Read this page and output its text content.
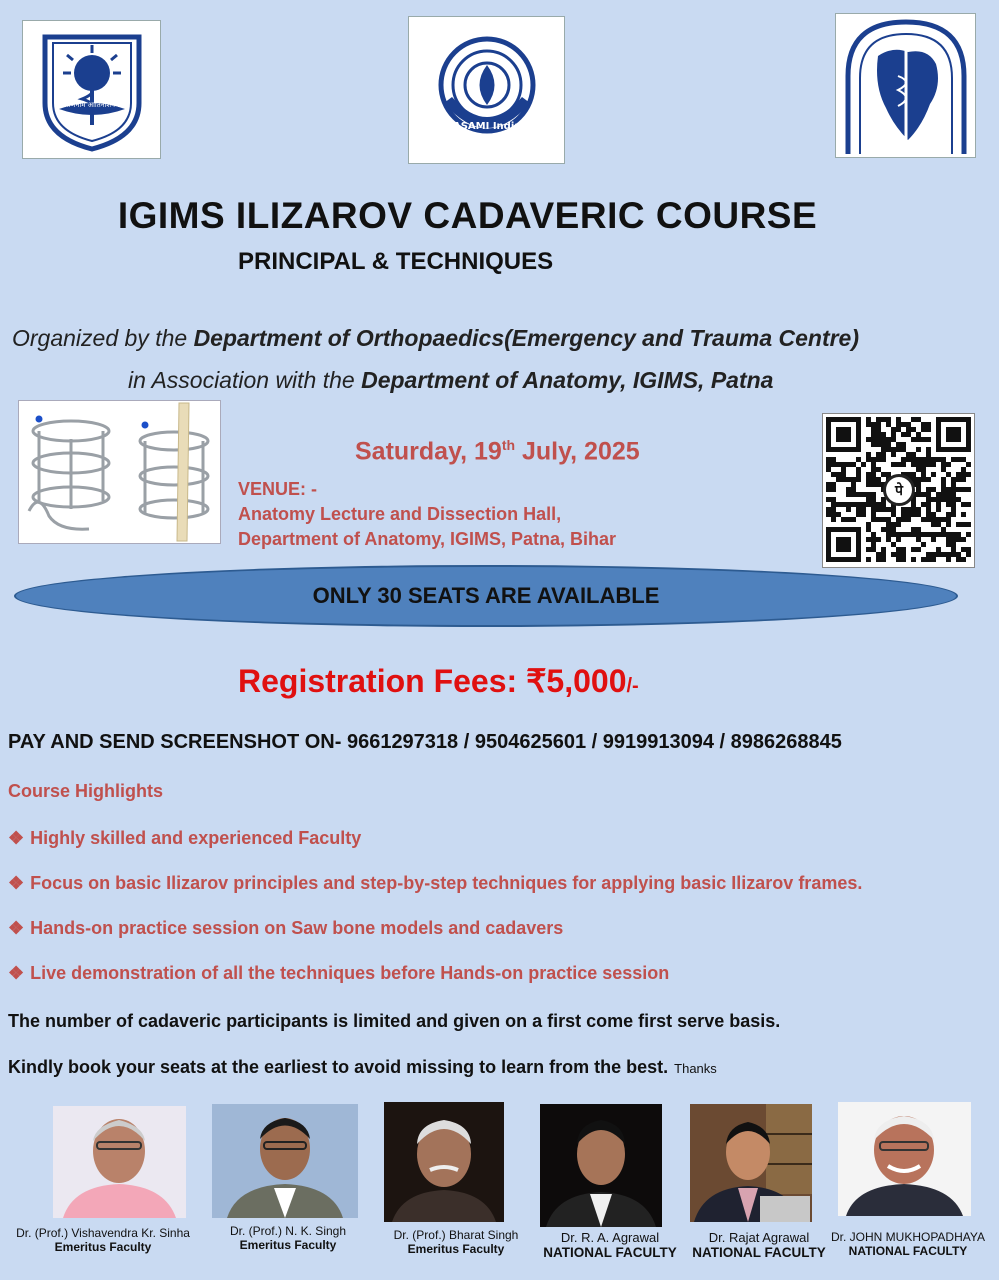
प्रणिनाम आर्तिनाशनम
ASAMI India
IGIMS ILIZAROV CADAVERIC COURSE
PRINCIPAL & TECHNIQUES
Organized by the Department of Orthopaedics(Emergency and Trauma Centre)
in Association with the Department of Anatomy, IGIMS, Patna
Saturday, 19th July, 2025
VENUE: -
Anatomy Lecture and Dissection Hall,
Department of Anatomy, IGIMS, Patna, Bihar
पे
ONLY 30 SEATS ARE AVAILABLE
Registration Fees: ₹5,000/-
PAY AND SEND SCREENSHOT ON- 9661297318 / 9504625601 / 9919913094 / 8986268845
Course Highlights
❖ Highly skilled and experienced Faculty
❖ Focus on basic Ilizarov principles and step-by-step techniques for applying basic Ilizarov frames.
❖ Hands-on practice session on Saw bone models and cadavers
❖ Live demonstration of all the techniques before Hands-on practice session
The number of cadaveric participants is limited and given on a first come first serve basis.
Kindly book your seats at the earliest to avoid missing to learn from the best. Thanks
Dr. (Prof.) Vishavendra Kr. Sinha
Emeritus Faculty
Dr. (Prof.) N. K. Singh
Emeritus Faculty
Dr. (Prof.) Bharat Singh
Emeritus Faculty
Dr. R. A. Agrawal
NATIONAL FACULTY
Dr. Rajat Agrawal
NATIONAL FACULTY
Dr. JOHN MUKHOPADHAYA
NATIONAL FACULTY
